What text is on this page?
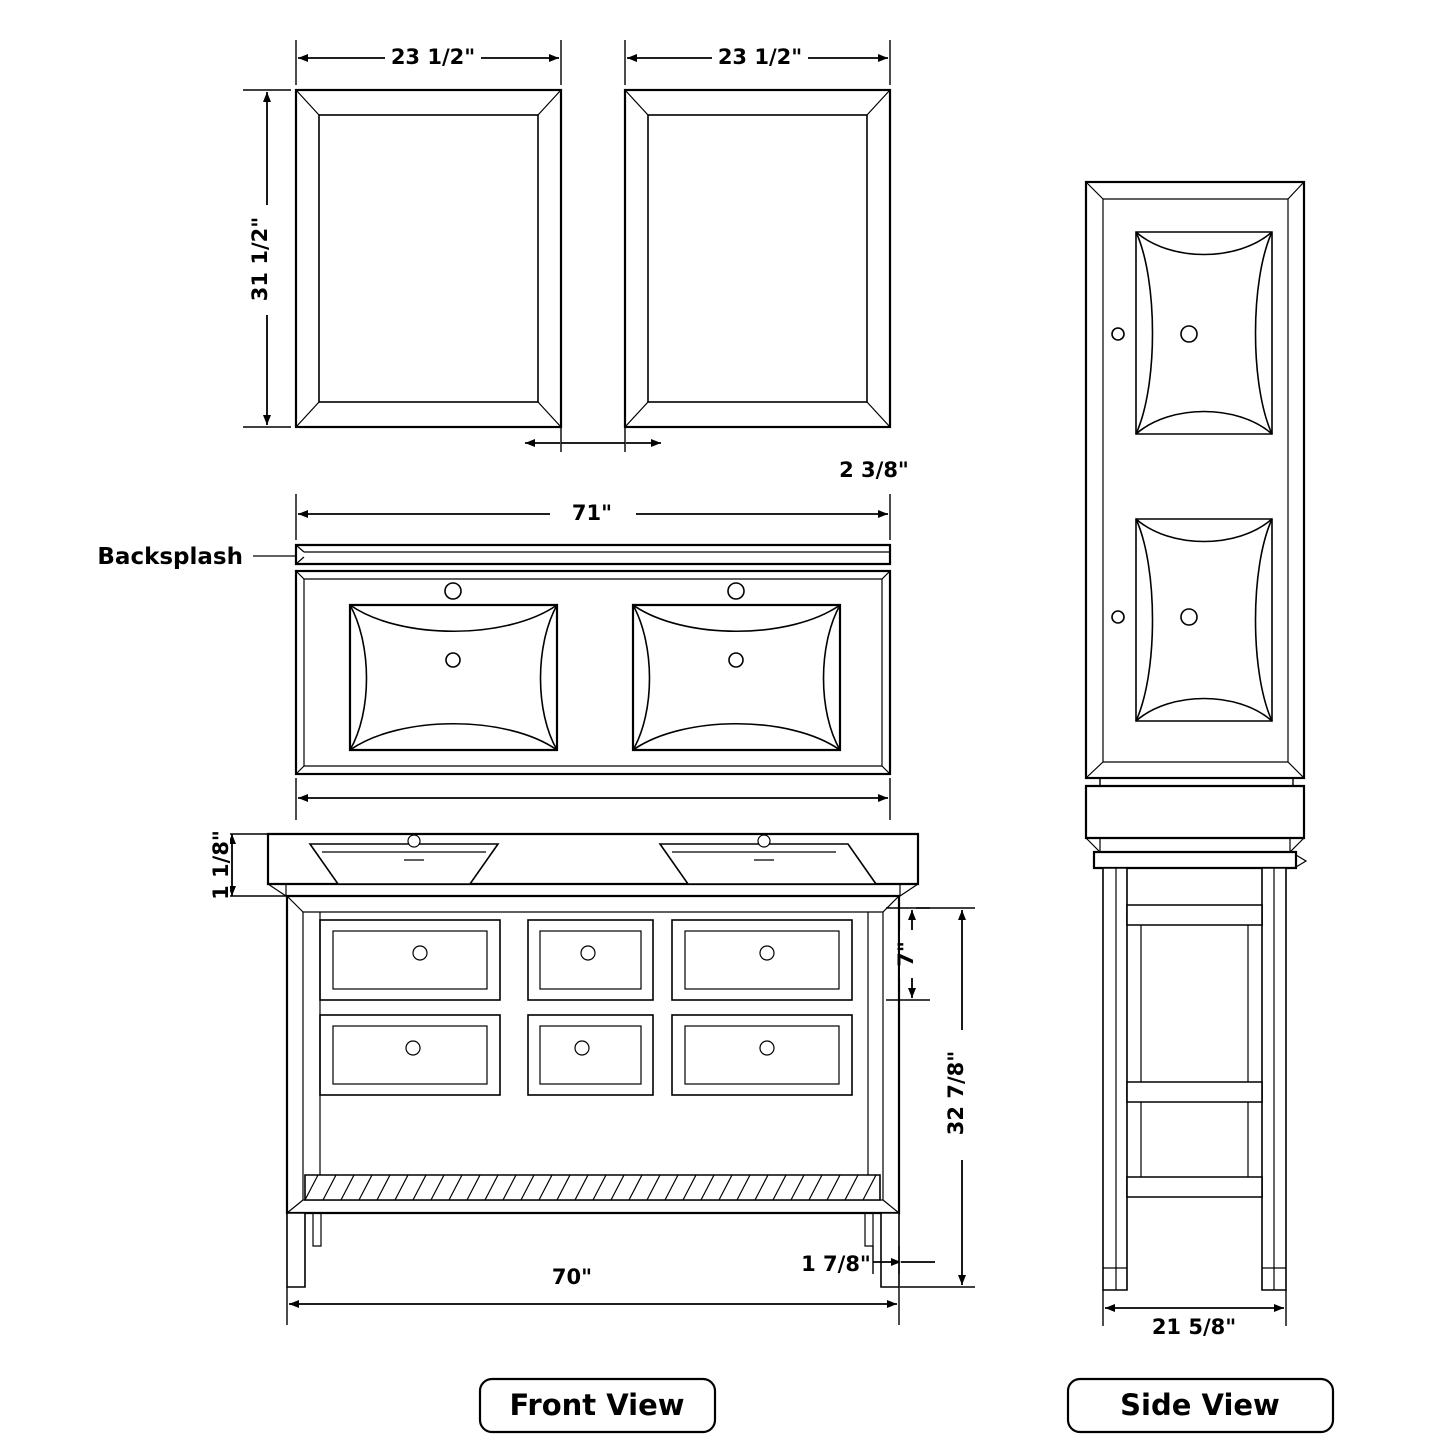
23 1/2"	23 1/2"
31 1/2"
2 3/8"
71"
Backsplash
1 1/8"
7"
32 7/8"
1 7/8"
70"
21 5/8"
Front View	Side View
